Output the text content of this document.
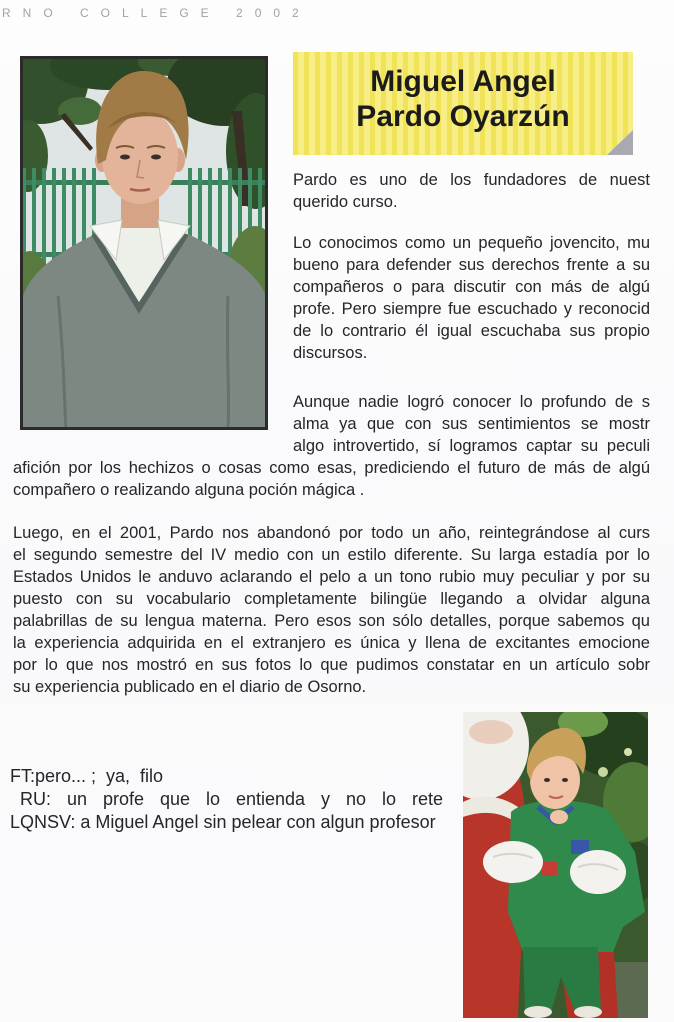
RNO COLLEGE 2002
Miguel Angel
Pardo Oyarzún
Pardo es uno de los fundadores de nuest
querido curso.
Lo conocimos como un pequeño jovencito, mu
bueno para defender sus derechos frente a su
compañeros o para discutir con más de algú
profe. Pero siempre fue escuchado y reconocid
de lo contrario él igual escuchaba sus propio
discursos.
Aunque nadie logró conocer lo profundo de s
alma ya que con sus sentimientos se mostr
algo introvertido, sí logramos captar su peculi
afición por los hechizos o cosas como esas, prediciendo el futuro de más de algú
compañero o realizando alguna poción mágica .
Luego, en el 2001, Pardo nos abandonó por todo un año, reintegrándose al curs
el segundo semestre del IV medio con un estilo diferente. Su larga estadía por lo
Estados Unidos le anduvo aclarando el pelo a un tono rubio muy peculiar y por su
puesto con su vocabulario completamente bilingüe llegando a olvidar alguna
palabrillas de su lengua materna. Pero esos son sólo detalles, porque sabemos qu
la experiencia adquirida en el extranjero es única y llena de excitantes emocione
por lo que nos mostró en sus fotos lo que pudimos constatar en un artículo sobr
su experiencia publicado en el diario de Osorno.
FT:pero... ;  ya,  filo
RU: un profe que lo entienda y no lo rete
LQNSV: a Miguel Angel sin pelear con algun profesor
